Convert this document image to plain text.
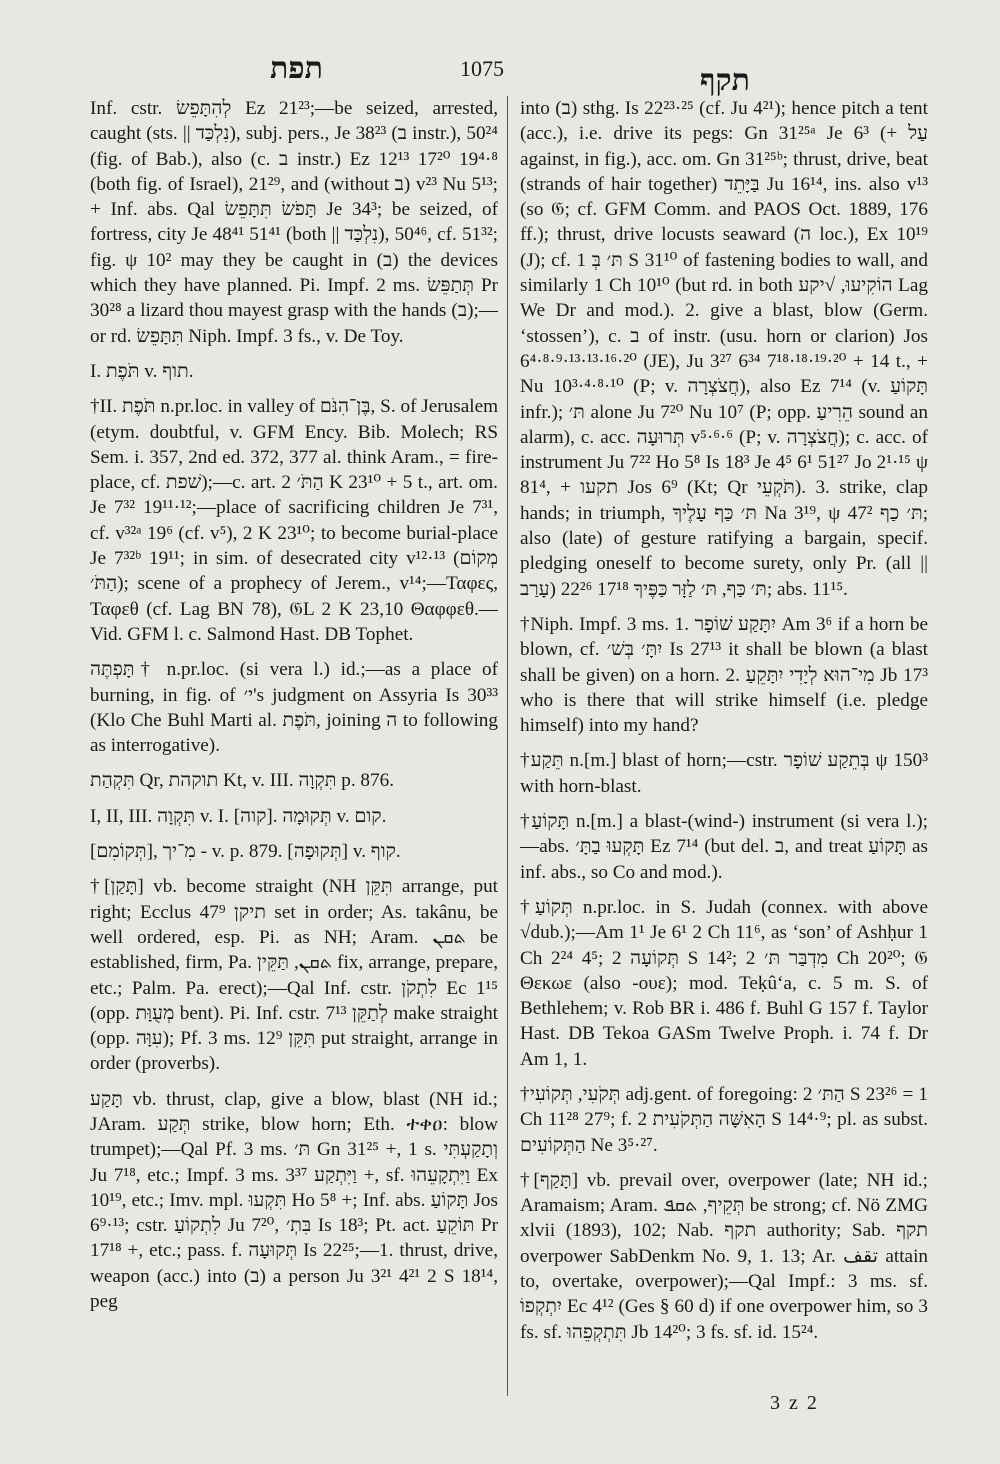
תפת	1075	תקף

Inf. cstr. לְהִתָּפֵשׂ Ez 21²³;—be seized, arrested, caught (sts. || נִלְכַּד), subj. pers., Je 38²³ (ב instr.), 50²⁴ (fig. of Bab.), also (c. ב instr.) Ez 12¹³ 17²⁰ 19⁴·⁸ (both fig. of Israel), 21²⁹, and (without ב) v²³ Nu 5¹³; + Inf. abs. Qal תָּפֹשׂ תִּתָּפֵשׂ Je 34³; be seized, of fortress, city Je 48⁴¹ 51⁴¹ (both || נִלְכַּד), 50⁴⁶, cf. 51³²; fig. ψ 10² may they be caught in (ב) the devices which they have planned. Pi. Impf. 2 ms. תְּתַפֵּשׂ Pr 30²⁸ a lizard thou mayest grasp with the hands (ב);—or rd. תִּתָּפֵשׂ Niph. Impf. 3 fs., v. De Toy.

I. תֹּפֶת v. תוף.

†II. תֹּפֶת n.pr.loc. in valley of בֶּן־הִנֹּם, S. of Jerusalem (etym. doubtful, v. GFM Ency. Bib. Molech; RS Sem. i. 357, 2nd ed. 372, 377 al. think Aram., = fire-place, cf. שׁפת);—c. art. הַתֹּ׳ 2 K 23¹⁰ + 5 t., art. om. Je 7³² 19¹¹·¹²;—place of sacrificing children Je 7³¹, cf. v³²ᵃ 19⁶ (cf. v⁵), 2 K 23¹⁰; to become burial-place Je 7³²ᵇ 19¹¹; in sim. of desecrated city v¹²·¹³ (מְקוֹם הַתֹּ׳); scene of a prophecy of Jerem., v¹⁴;—Ταφες, Ταφεθ (cf. Lag BN 78), 𝔊L 2 K 23,10 Θαφφεθ.—Vid. GFM l. c. Salmond Hast. DB Tophet.

תָּפְתֶּה† n.pr.loc. (si vera l.) id.;—as a place of burning, in fig. of י׳'s judgment on Assyria Is 30³³ (Klo Che Buhl Marti al. תֹּפֶת, joining ה to following as interrogative).

תִּקְהַת Qr, תוקהת Kt, v. III. תִּקְוָה p. 876.

I, II, III. תִּקְוָה v. I. [קוה]. תְּקוּמָה v. קום.

[תְּקוֹמִם], מִ־יך - v. p. 879. [תְּקוּפָה] v. קוף.

†[תָּקַן] vb. become straight (NH תִּקֵּן arrange, put right; Ecclus 47⁹ תיקן set in order; As. takânu, be well ordered, esp. Pi. as NH; Aram. ܬܩܢ be established, firm, Pa. ܬܩܢ, תַּקֵּין fix, arrange, prepare, etc.; Palm. Pa. erect);—Qal Inf. cstr. לִתְקֹן Ec 1¹⁵ (opp. מְעֻוָּת bent). Pi. Inf. cstr. לְתַקֵּן 7¹³ make straight (opp. עִוָּה); Pf. 3 ms. תִּקֵּן 12⁹ put straight, arrange in order (proverbs).

תָּקַע vb. thrust, clap, give a blow, blast (NH id.; JAram. תְּקַע strike, blow horn; Eth. ተቀዐ: blow trumpet);—Qal Pf. 3 ms. תּ׳ Gn 31²⁵ +, 1 s. וְתָקַעְתִּי Ju 7¹⁸, etc.; Impf. 3 ms. וַיִּתְקַע 3³⁷ +, sf. וַיִּתְקָעֵהוּ Ex 10¹⁹, etc.; Imv. mpl. תִּקְעוּ Ho 5⁸ +; Inf. abs. תָּקוֹעַ Jos 6⁹·¹³; cstr. לִתְקוֹעַ Ju 7²⁰, בִּתְ׳ Is 18³; Pt. act. תּוֹקֵעַ Pr 17¹⁸ +, etc.; pass. f. תְּקוּעָה Is 22²⁵;—1. thrust, drive, weapon (acc.) into (ב) a person Ju 3²¹ 4²¹ 2 S 18¹⁴, peg

into (ב) sthg. Is 22²³·²⁵ (cf. Ju 4²¹); hence pitch a tent (acc.), i.e. drive its pegs: Gn 31²⁵ᵃ Je 6³ (+ עַל against, in fig.), acc. om. Gn 31²⁵ᵇ; thrust, drive, beat (strands of hair together) בַּיָּתֵד Ju 16¹⁴, ins. also v¹³ (so 𝔊; cf. GFM Comm. and PAOS Oct. 1889, 176 ff.); thrust, drive locusts seaward (ה loc.), Ex 10¹⁹ (J); cf. תּ׳ בְּ 1 S 31¹⁰ of fastening bodies to wall, and similarly 1 Ch 10¹⁰ (but rd. in both הוֹקִיעוּ, √יקע Lag We Dr and mod.). 2. give a blast, blow (Germ. ‘stossen’), c. ב of instr. (usu. horn or clarion) Jos 6⁴·⁸·⁹·¹³·¹³·¹⁶·²⁰ (JE), Ju 3²⁷ 6³⁴ 7¹⁸·¹⁸·¹⁹·²⁰ + 14 t., + Nu 10³·⁴·⁸·¹⁰ (P; v. חֲצֹצְרָה), also Ez 7¹⁴ (v. תָּקוֹעַ infr.); תּ׳ alone Ju 7²⁰ Nu 10⁷ (P; opp. הֵרִיעַ sound an alarm), c. acc. תְּרוּעָה v⁵·⁶·⁶ (P; v. חֲצֹצְרָה); c. acc. of instrument Ju 7²² Ho 5⁸ Is 18³ Je 4⁵ 6¹ 51²⁷ Jo 2¹·¹⁵ ψ 81⁴, + תקעו Jos 6⁹ (Kt; Qr תֹּקְעֵי). 3. strike, clap hands; in triumph, תּ׳ כַּף עָלֶיךָ Na 3¹⁹, ψ תּ׳ כַף 47²; also (late) of gesture ratifying a bargain, specif. pledging oneself to become surety, only Pr. (all || עָרַב) תּ׳ כַּף, תּ׳ לַזָּר כַּפֶּיךָ 17¹⁸ 22²⁶; abs. 11¹⁵.

†Niph. Impf. 3 ms. 1. יִתָּקַע שׁוֹפָר Am 3⁶ if a horn be blown, cf. יִתָּ׳ בְּשׁ׳ Is 27¹³ it shall be blown (a blast shall be given) on a horn. 2. מִי־הוּא לְיָדִי יִתָּקֵעַ Jb 17³ who is there that will strike himself (i.e. pledge himself) into my hand?

†תֵּקַע n.[m.] blast of horn;—cstr. בְּתֵקַע שׁוֹפָר ψ 150³ with horn-blast.

†תָּקוֹעַ n.[m.] a blast-(wind-) instrument (si vera l.);—abs. תָּקְעוּ בַתָּ׳ Ez 7¹⁴ (but del. ב, and treat תָּקוֹעַ as inf. abs., so Co and mod.).

†תְּקוֹעַ n.pr.loc. in S. Judah (connex. with above √dub.);—Am 1¹ Je 6¹ 2 Ch 11⁶, as ‘son’ of Ashḥur 1 Ch 2²⁴ 4⁵; תְּקוֹעָה 2 S 14²; מִדְבַּר תּ׳ 2 Ch 20²⁰; 𝔊 Θεκωε (also -ουε); mod. Teḳû‘a, c. 5 m. S. of Bethlehem; v. Rob BR i. 486 f. Buhl G 157 f. Taylor Hast. DB Tekoa GASm Twelve Proph. i. 74 f. Dr Am 1, 1.

†תְּקֹעִי, תְּקוֹעִי adj.gent. of foregoing: הַתּ׳ 2 S 23²⁶ = 1 Ch 11²⁸ 27⁹; f. הָאִשָּׁה הַתְּקֹעִית 2 S 14⁴·⁹; pl. as subst. הַתְּקוֹעִים Ne 3⁵·²⁷.

†[תָּקַף] vb. prevail over, overpower (late; NH id.; Aramaism; Aram. תְּקֵיף, ܬܩܦ be strong; cf. Nö ZMG xlvii (1893), 102; Nab. תקף authority; Sab. תקף overpower SabDenkm No. 9, 1. 13; Ar. تقف attain to, overtake, overpower);—Qal Impf.: 3 ms. sf. יִתְקְפוֹ Ec 4¹² (Ges § 60 d) if one overpower him, so 3 fs. sf. תִּתְקְפֵהוּ Jb 14²⁰; 3 fs. sf. id. 15²⁴.

3 z 2
